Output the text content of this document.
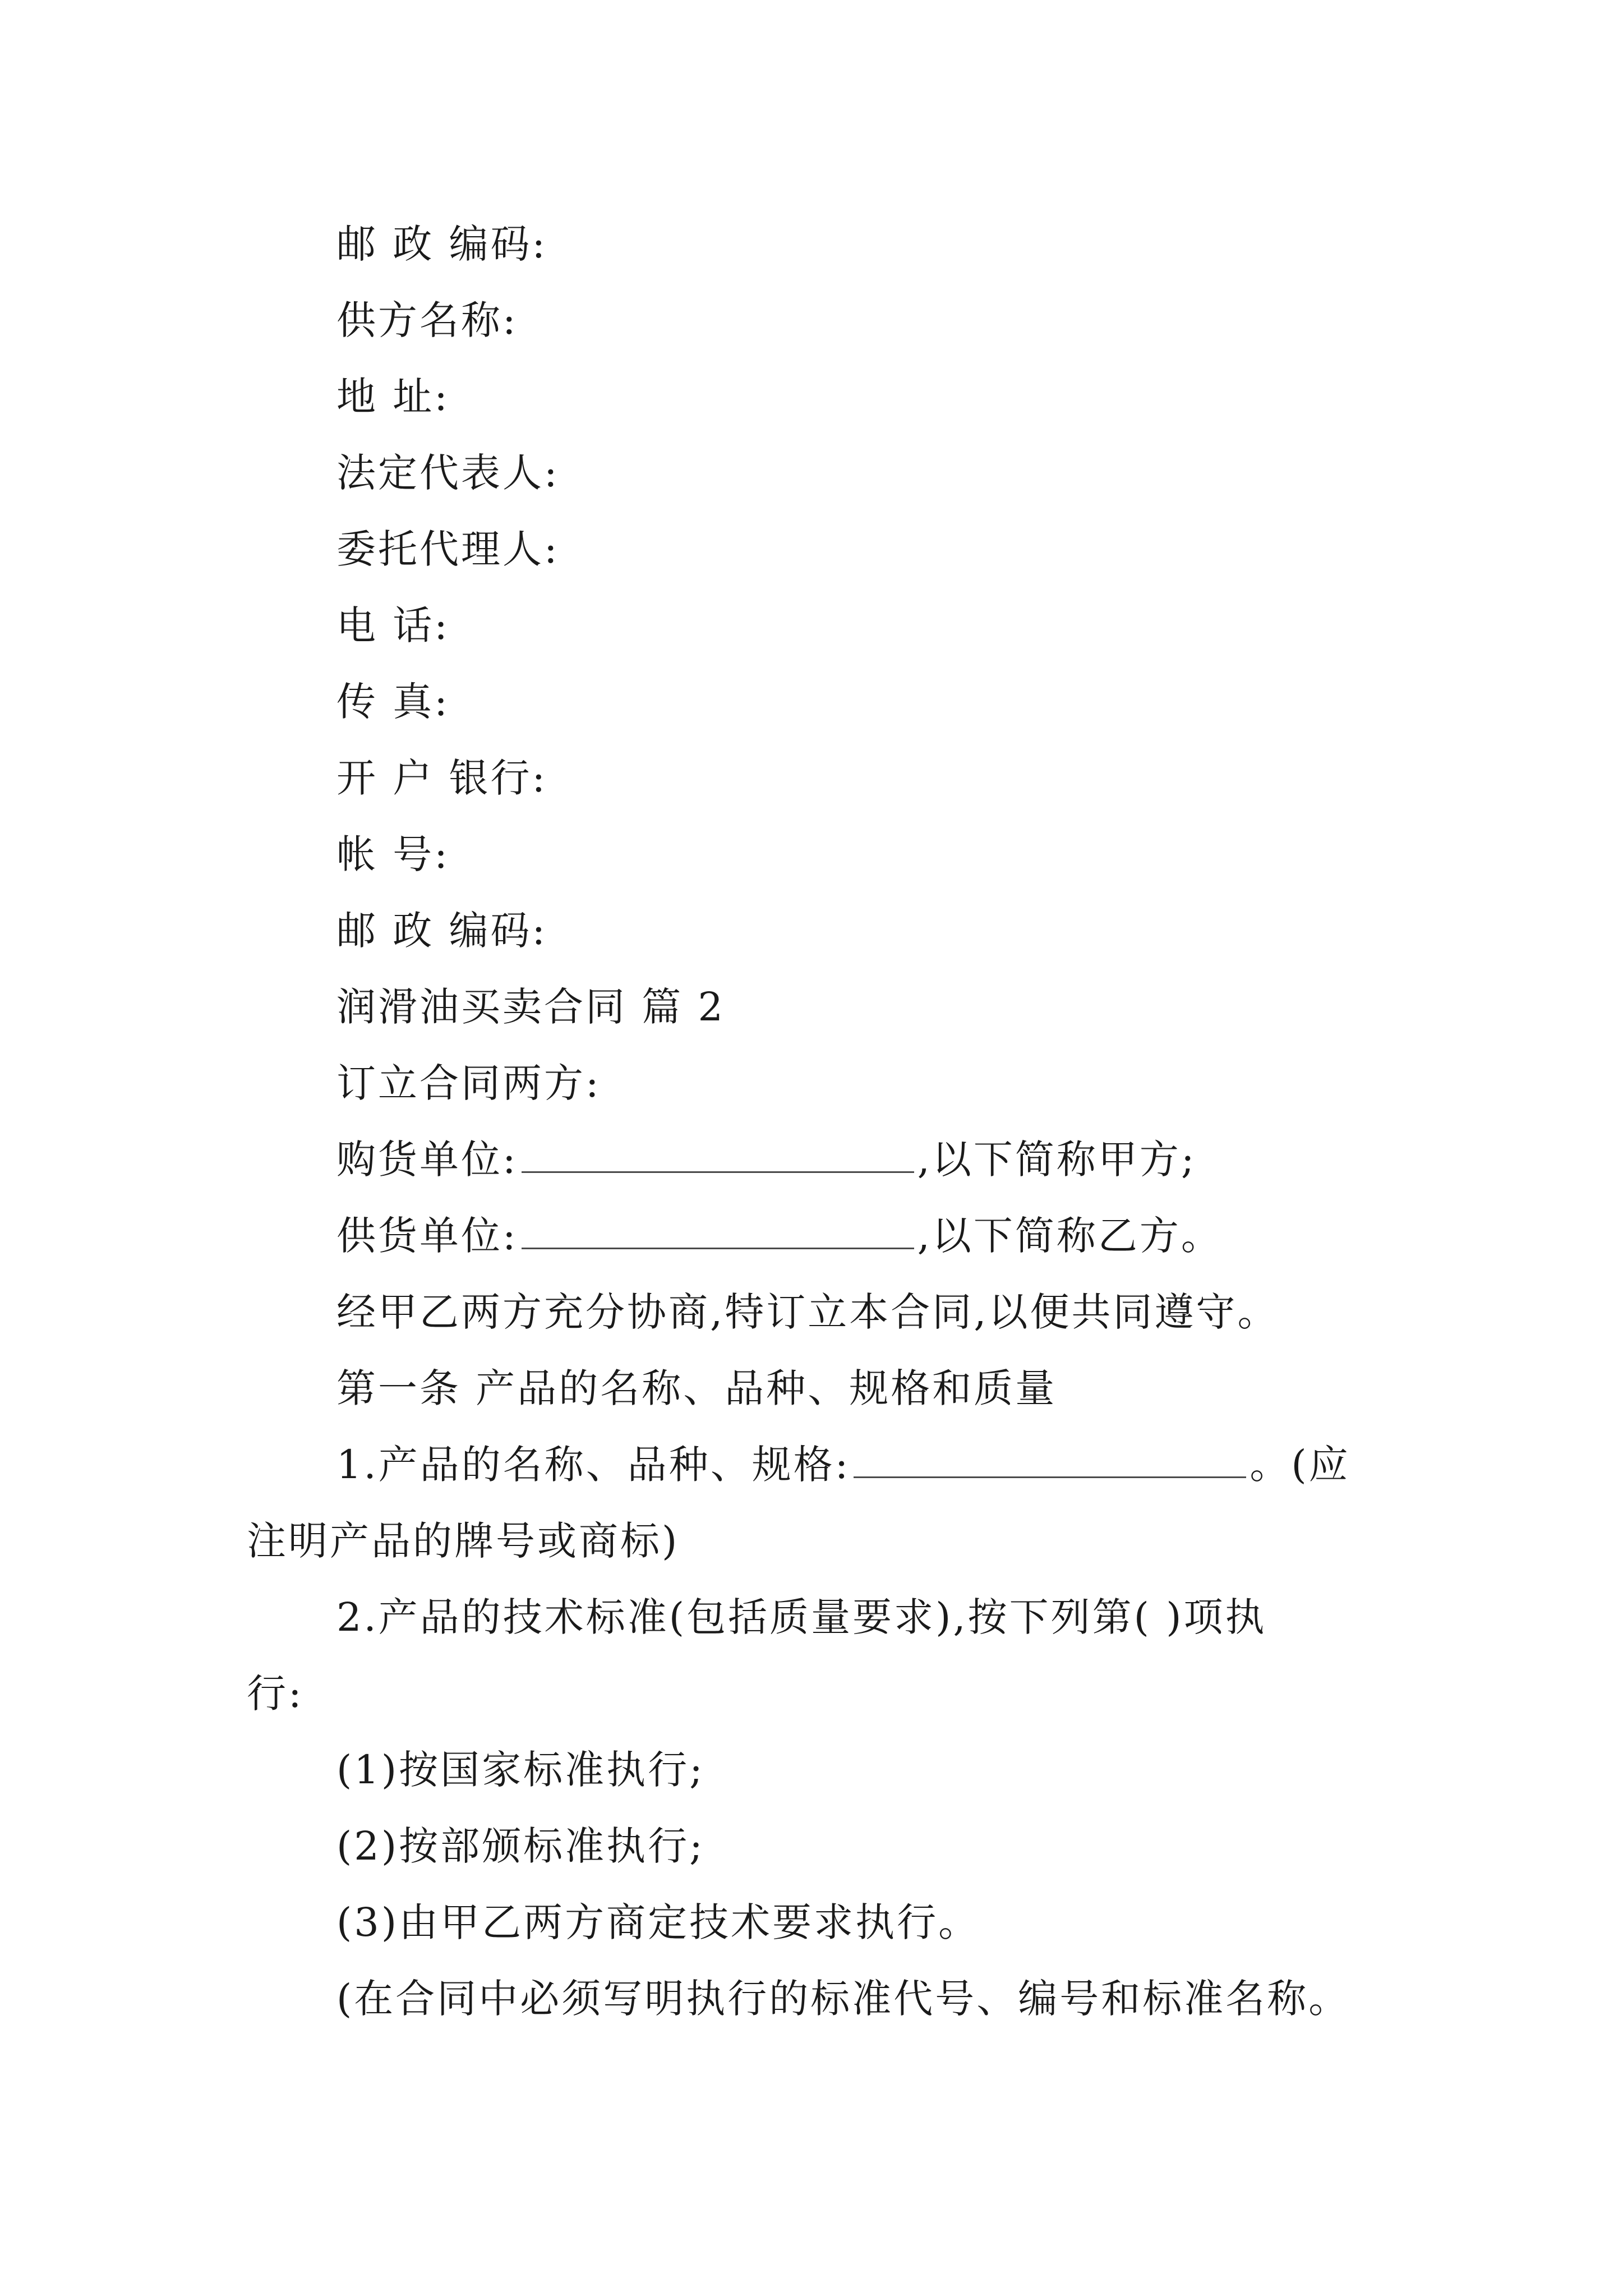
邮 政 编码:
供方名称:
地 址:
法定代表人:
委托代理人:
电 话:
传 真:
开 户 银行:
帐 号:
邮 政 编码:
润滑油买卖合同 篇 2
订立合同两方:
购货单位:	,以下简称甲方;
供货单位:	,以下简称乙方。
经甲乙两方充分协商,特订立本合同,以便共同遵守。
第一条 产品的名称、品种、规格和质量
1.产品的名称、品种、规格:	。(应
注明产品的牌号或商标)
2.产品的技术标准(包括质量要求),按下列第( )项执
行:
(1)按国家标准执行;
(2)按部颁标准执行;
(3)由甲乙两方商定技术要求执行。
(在合同中必须写明执行的标准代号、编号和标准名称。
